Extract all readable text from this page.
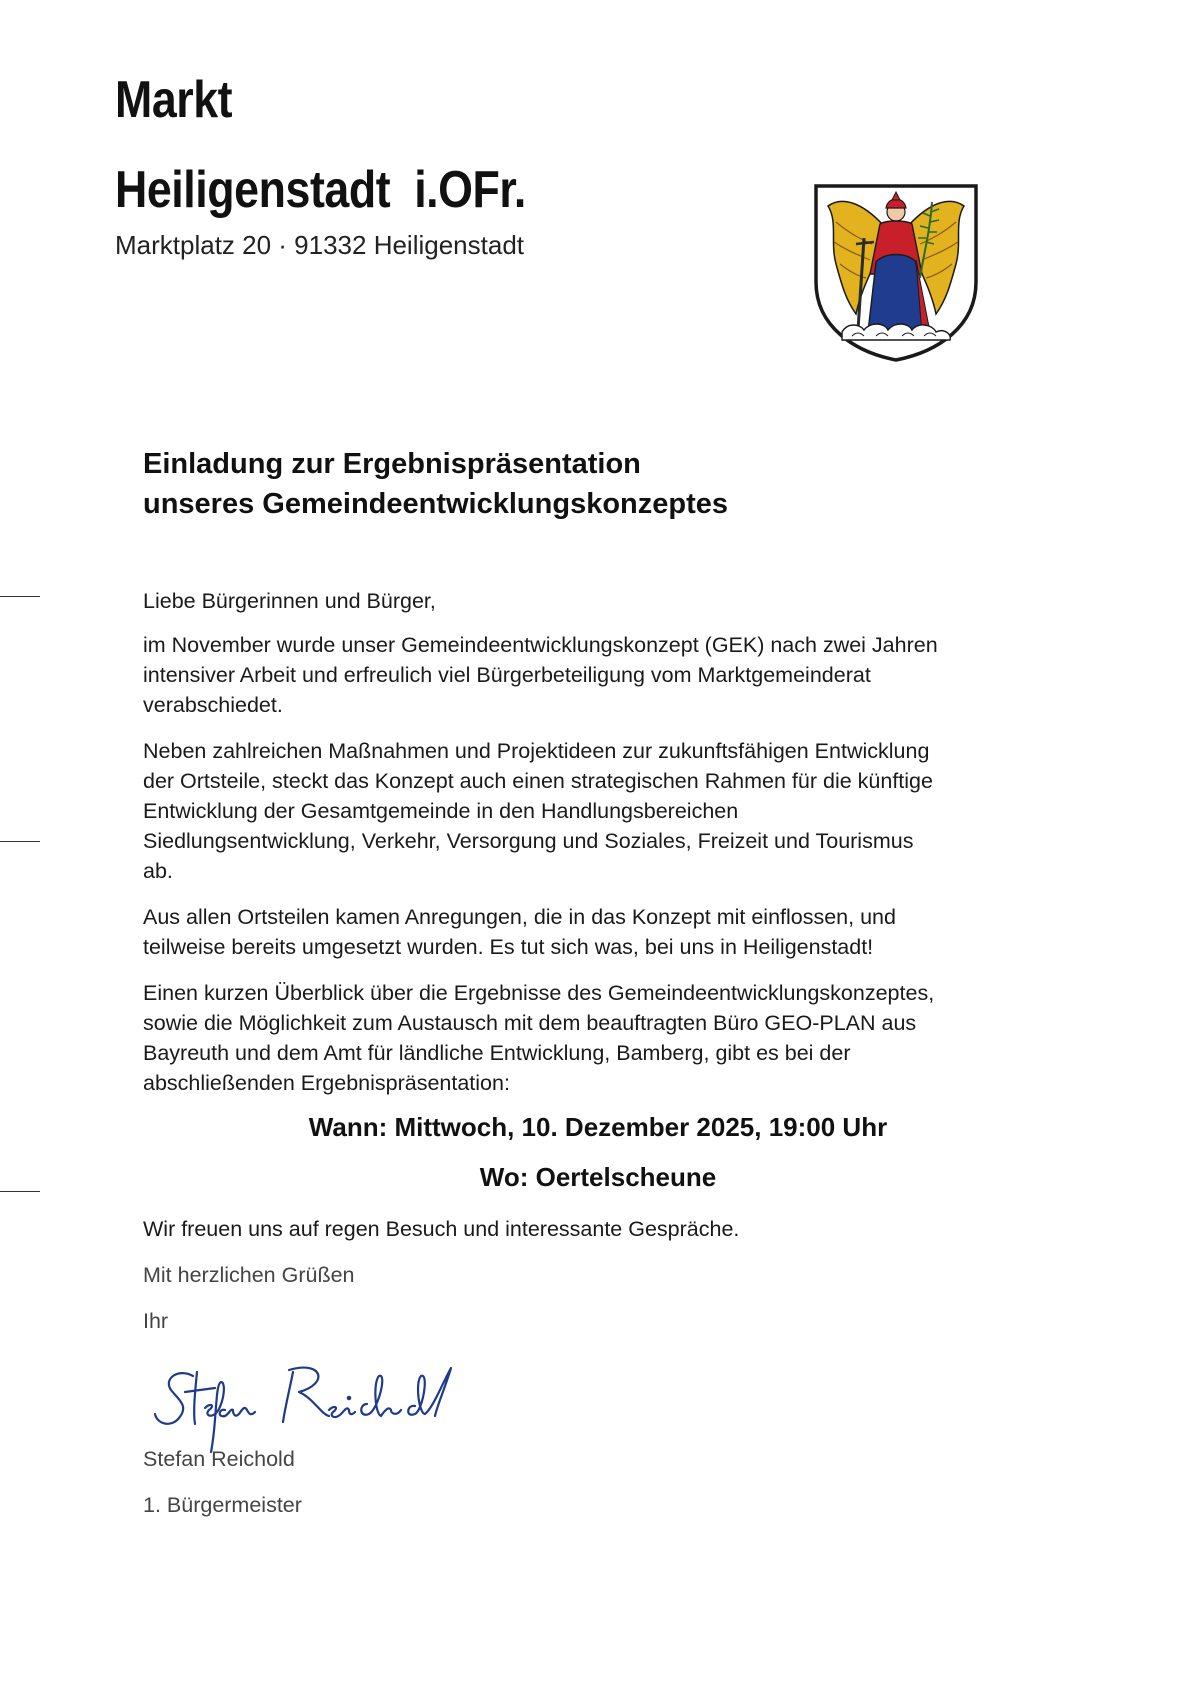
Markt
Heiligenstadt  i.OFr.
Marktplatz 20 · 91332 Heiligenstadt
Einladung zur Ergebnispräsentation
unseres Gemeindeentwicklungskonzeptes

Liebe Bürgerinnen und Bürger,

im November wurde unser Gemeindeentwicklungskonzept (GEK) nach zwei Jahren
intensiver Arbeit und erfreulich viel Bürgerbeteiligung vom Marktgemeinderat
verabschiedet.

Neben zahlreichen Maßnahmen und Projektideen zur zukunftsfähigen Entwicklung
der Ortsteile, steckt das Konzept auch einen strategischen Rahmen für die künftige
Entwicklung der Gesamtgemeinde in den Handlungsbereichen
Siedlungsentwicklung, Verkehr, Versorgung und Soziales, Freizeit und Tourismus
ab.

Aus allen Ortsteilen kamen Anregungen, die in das Konzept mit einflossen, und
teilweise bereits umgesetzt wurden. Es tut sich was, bei uns in Heiligenstadt!

Einen kurzen Überblick über die Ergebnisse des Gemeindeentwicklungskonzeptes,
sowie die Möglichkeit zum Austausch mit dem beauftragten Büro GEO-PLAN aus
Bayreuth und dem Amt für ländliche Entwicklung, Bamberg, gibt es bei der
abschließenden Ergebnispräsentation:

Wann: Mittwoch, 10. Dezember 2025, 19:00 Uhr

Wo: Oertelscheune

Wir freuen uns auf regen Besuch und interessante Gespräche.

Mit herzlichen Grüßen

Ihr

Stefan Reichold

1. Bürgermeister
